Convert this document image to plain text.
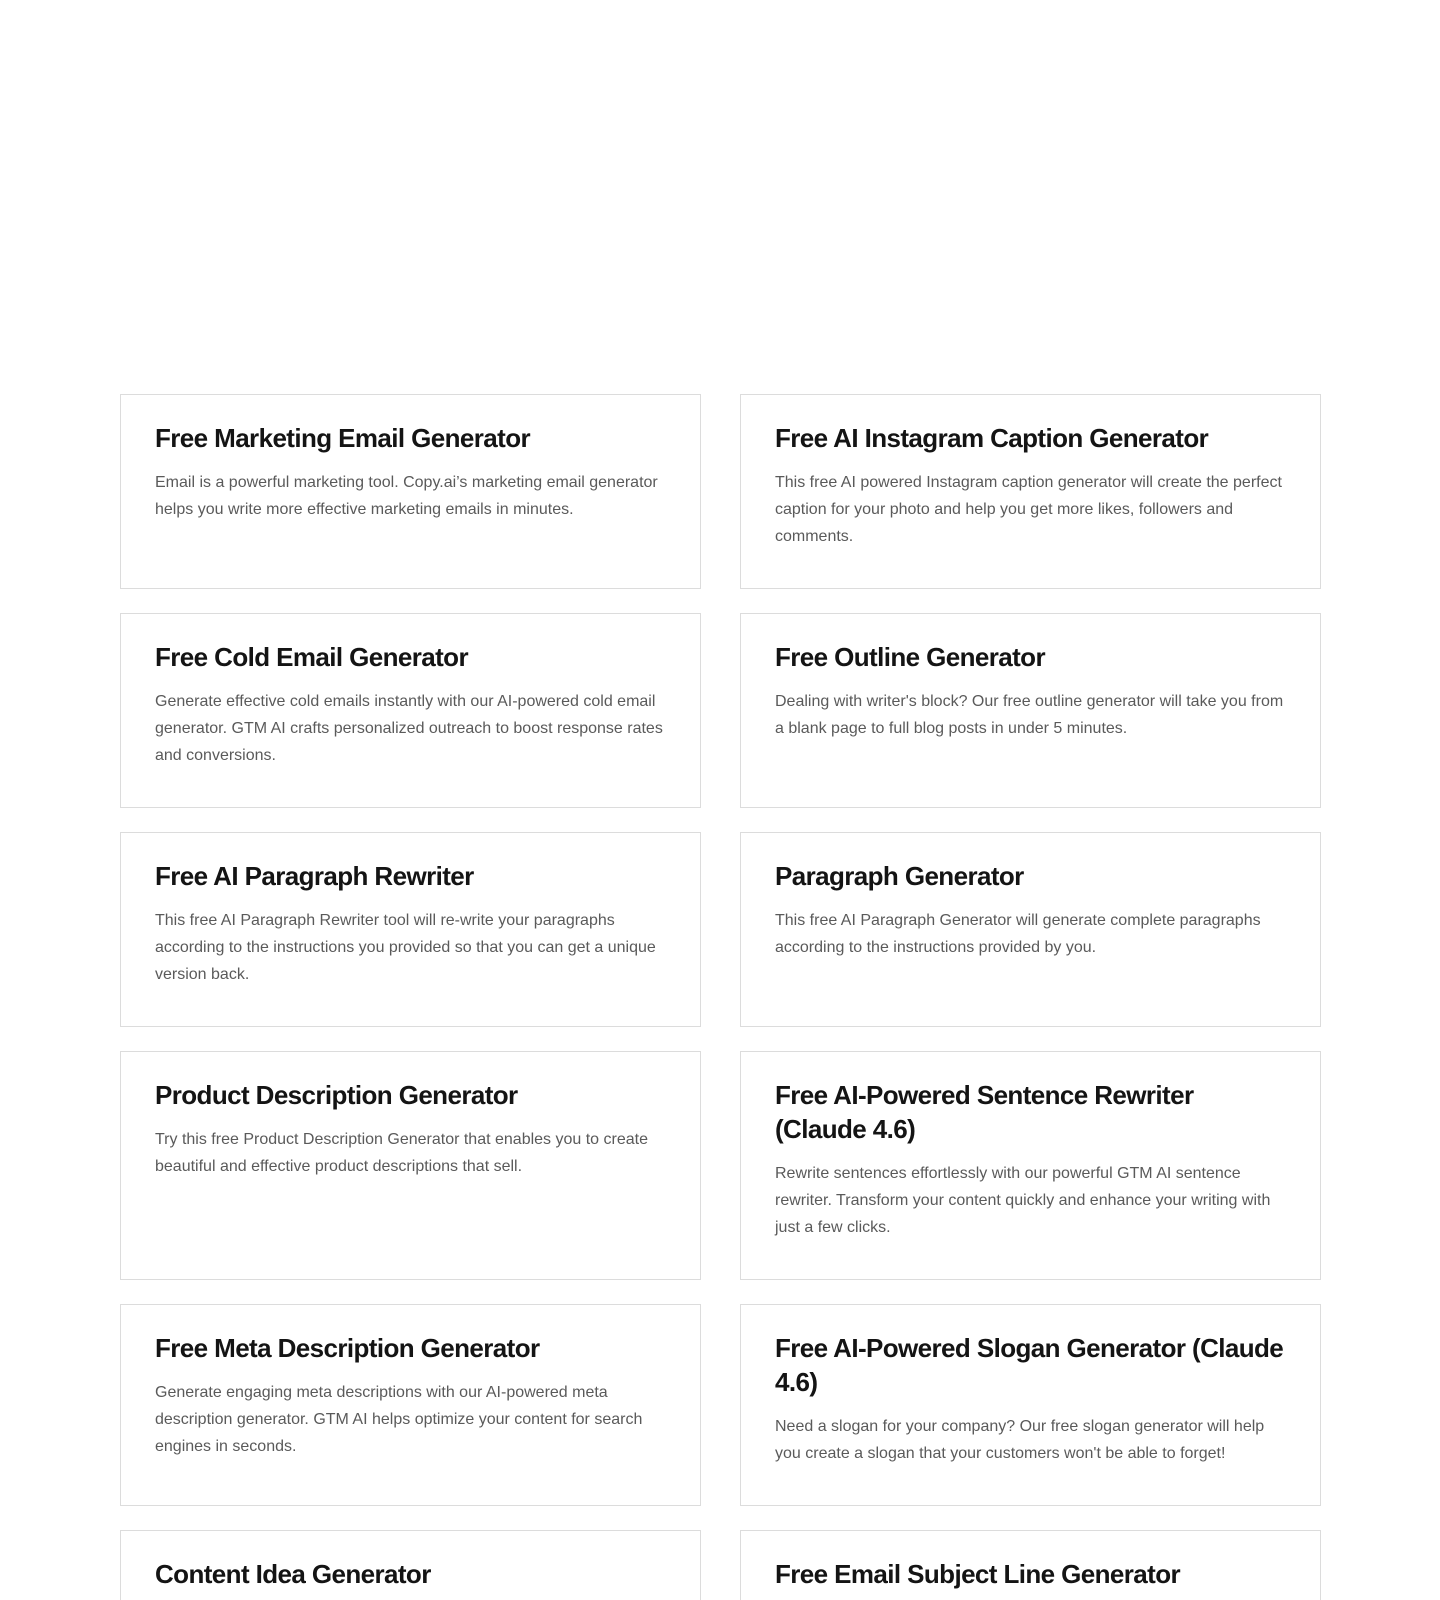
Free Marketing Email Generator

Email is a powerful marketing tool. Copy.ai’s marketing email generator helps you write more effective marketing emails in minutes.

Free AI Instagram Caption Generator

This free AI powered Instagram caption generator will create the perfect caption for your photo and help you get more likes, followers and comments.

Free Cold Email Generator

Generate effective cold emails instantly with our AI-powered cold email generator. GTM AI crafts personalized outreach to boost response rates and conversions.

Free Outline Generator

Dealing with writer's block? Our free outline generator will take you from a blank page to full blog posts in under 5 minutes.

Free AI Paragraph Rewriter

This free AI Paragraph Rewriter tool will re-write your paragraphs according to the instructions you provided so that you can get a unique version back.

Paragraph Generator

This free AI Paragraph Generator will generate complete paragraphs according to the instructions provided by you.

Product Description Generator

Try this free Product Description Generator that enables you to create beautiful and effective product descriptions that sell.

Free AI-Powered Sentence Rewriter (Claude 4.6)

Rewrite sentences effortlessly with our powerful GTM AI sentence rewriter. Transform your content quickly and enhance your writing with just a few clicks.

Free Meta Description Generator

Generate engaging meta descriptions with our AI-powered meta description generator. GTM AI helps optimize your content for search engines in seconds.

Free AI-Powered Slogan Generator (Claude 4.6)

Need a slogan for your company? Our free slogan generator will help you create a slogan that your customers won't be able to forget!

Content Idea Generator	Free Email Subject Line Generator
